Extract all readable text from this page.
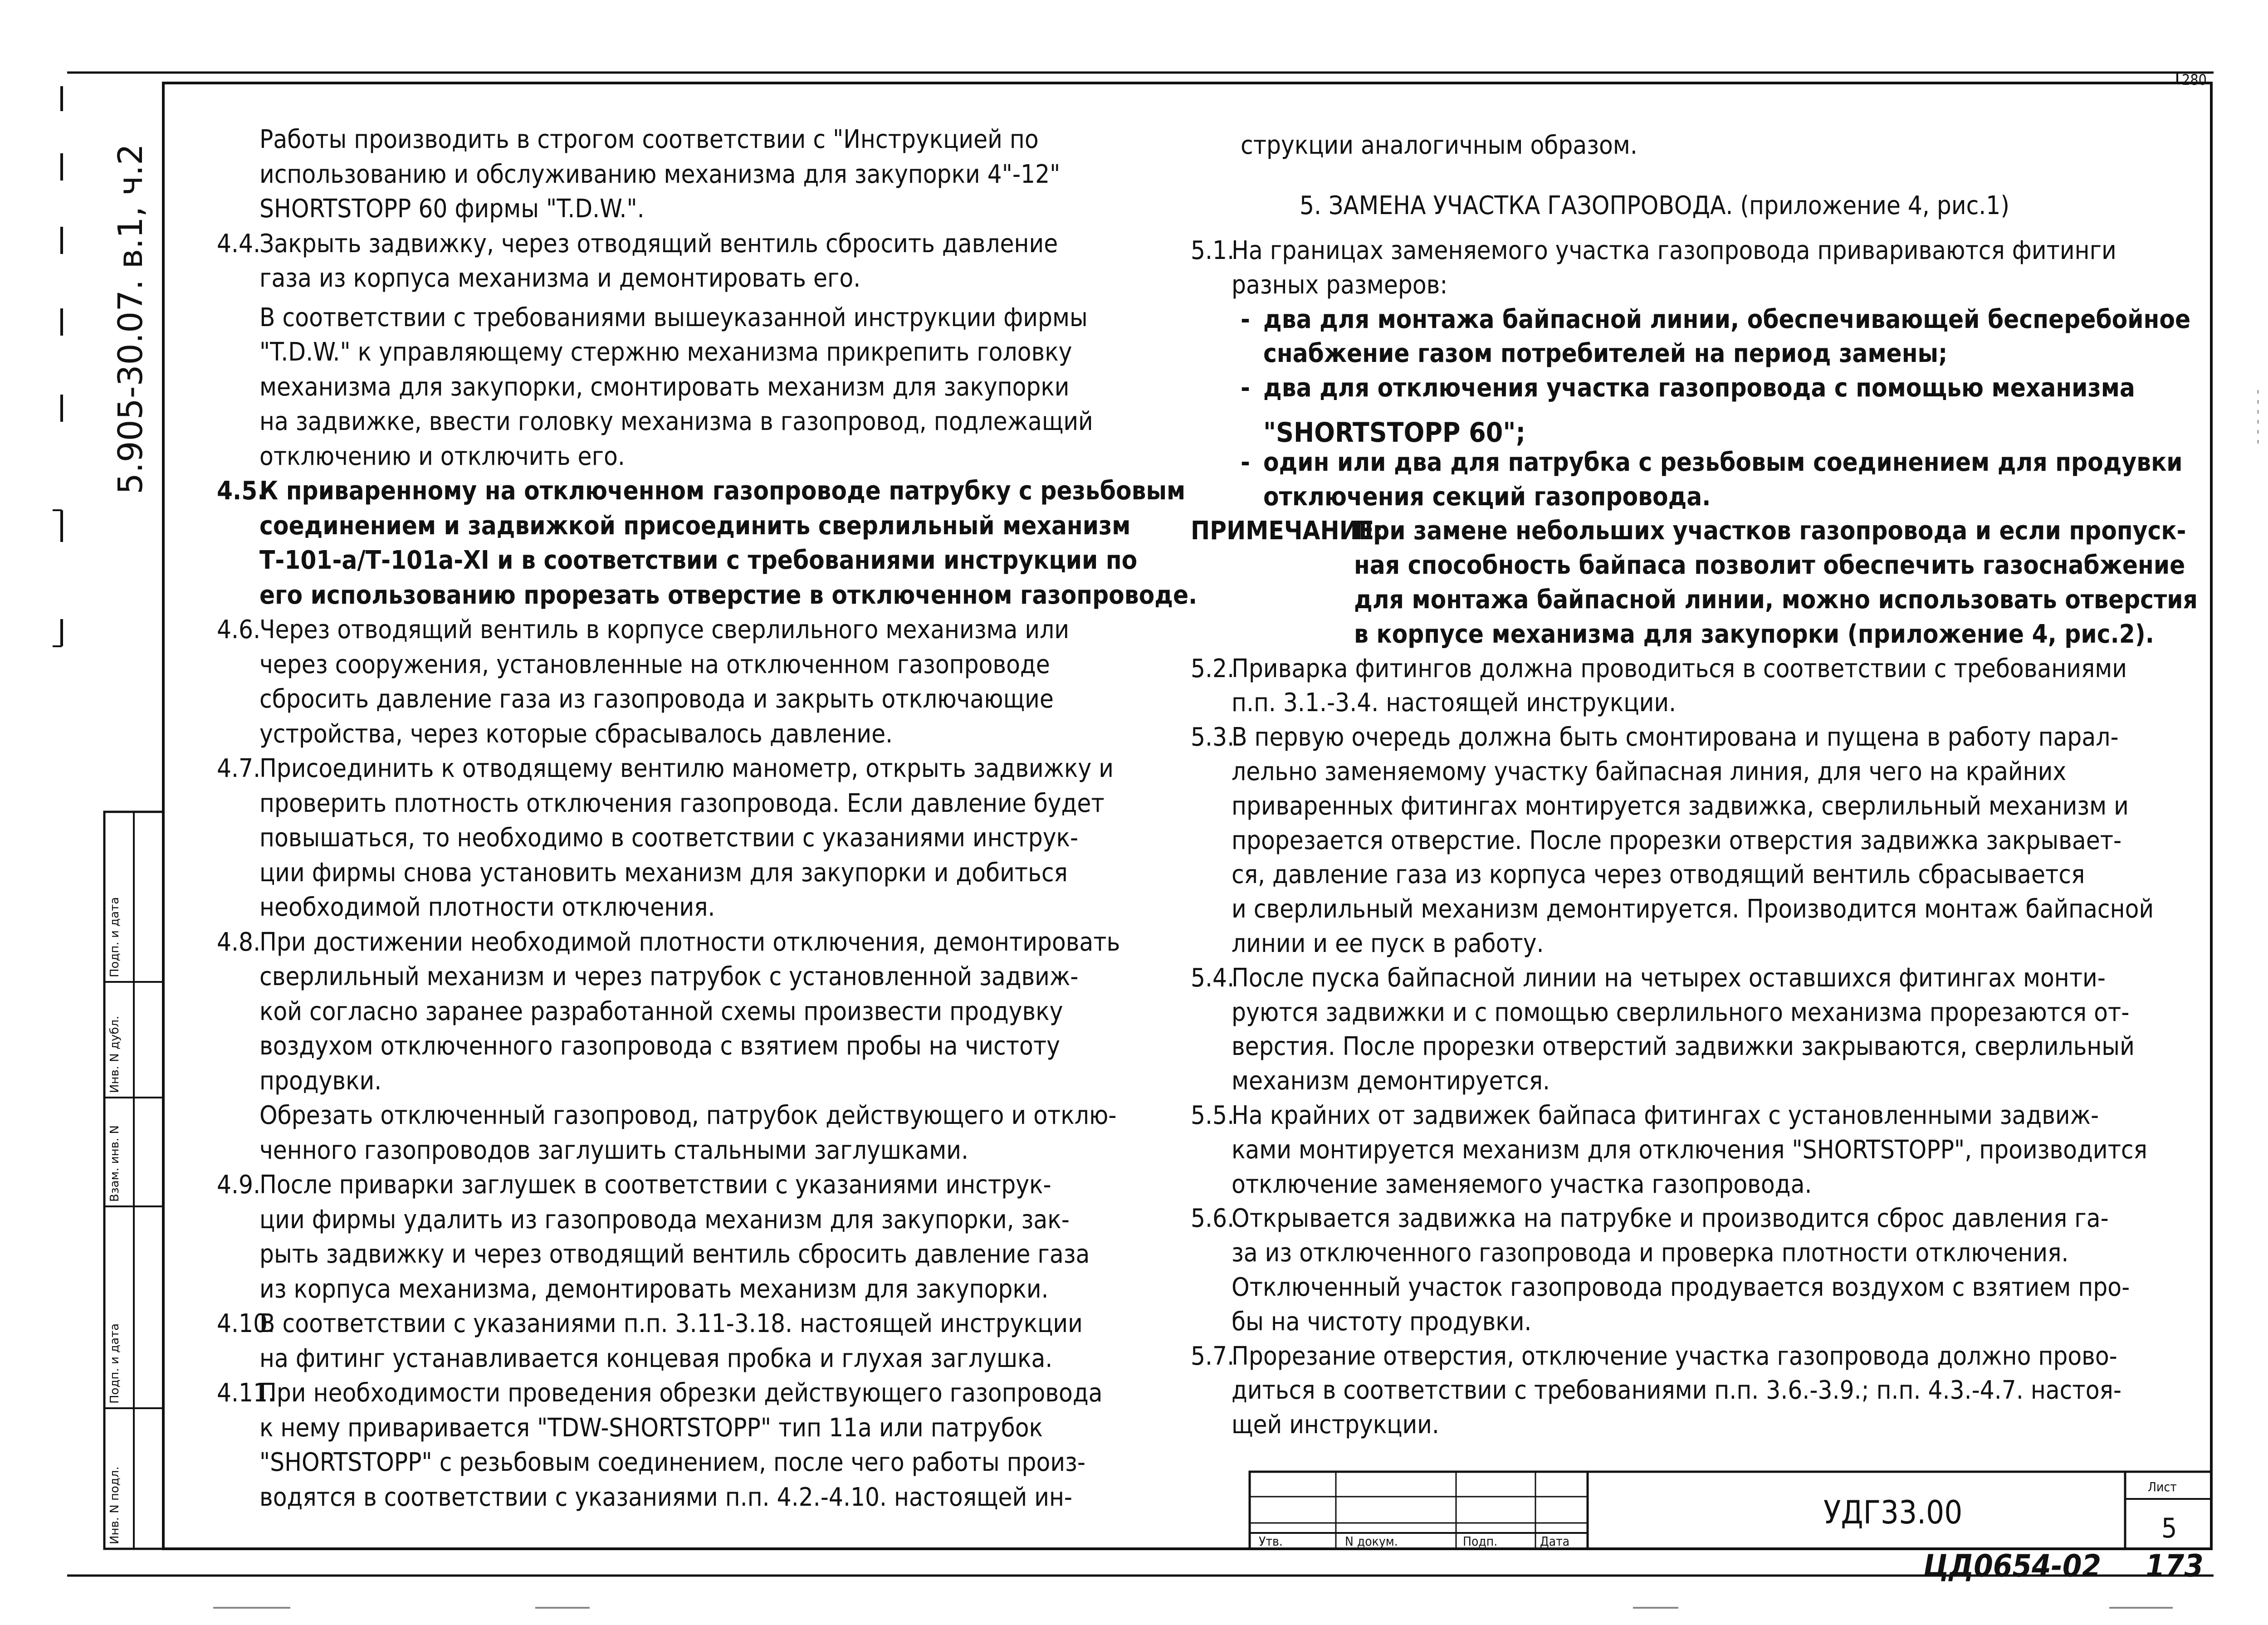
280
5.905-30.07. в.1, ч.2
Инв. N подл.
Подп. и дата
Взам. инв. N
Инв. N дубл.
Подп. и дата
Работы производить в строгом соответствии с "Инструкцией по
использованию и обслуживанию механизма для закупорки 4"-12"
SHORTSTOPP 60 фирмы "T.D.W.".
4.4.
Закрыть задвижку, через отводящий вентиль сбросить давление
газа из корпуса механизма и демонтировать его.
В соответствии с требованиями вышеуказанной инструкции фирмы
"T.D.W." к управляющему стержню механизма прикрепить головку
механизма для закупорки, смонтировать механизм для закупорки
на задвижке, ввести головку механизма в газопровод, подлежащий
отключению и отключить его.
4.5.
К приваренному на отключенном газопроводе патрубку с резьбовым
соединением и задвижкой присоединить сверлильный механизм
Т-101-а/Т-101а-XI и в соответствии с требованиями инструкции по
его использованию прорезать отверстие в отключенном газопроводе.
4.6.
Через отводящий вентиль в корпусе сверлильного механизма или
через сооружения, установленные на отключенном газопроводе
сбросить давление газа из газопровода и закрыть отключающие
устройства, через которые сбрасывалось давление.
4.7.
Присоединить к отводящему вентилю манометр, открыть задвижку и
проверить плотность отключения газопровода. Если давление будет
повышаться, то необходимо в соответствии с указаниями инструк-
ции фирмы снова установить механизм для закупорки и добиться
необходимой плотности отключения.
4.8.
При достижении необходимой плотности отключения, демонтировать
сверлильный механизм и через патрубок с установленной задвиж-
кой согласно заранее разработанной схемы произвести продувку
воздухом отключенного газопровода с взятием пробы на чистоту
продувки.
Обрезать отключенный газопровод, патрубок действующего и отклю-
ченного газопроводов заглушить стальными заглушками.
4.9.
После приварки заглушек в соответствии с указаниями инструк-
ции фирмы удалить из газопровода механизм для закупорки, зак-
рыть задвижку и через отводящий вентиль сбросить давление газа
из корпуса механизма, демонтировать механизм для закупорки.
4.10.
В соответствии с указаниями п.п. 3.11-3.18. настоящей инструкции
на фитинг устанавливается концевая пробка и глухая заглушка.
4.11.
При необходимости проведения обрезки действующего газопровода
к нему приваривается "TDW-SHORTSTOPP" тип 11а или патрубок
"SHORTSTOPP" с резьбовым соединением, после чего работы произ-
водятся в соответствии с указаниями п.п. 4.2.-4.10. настоящей ин-
5.1.
На границах заменяемого участка газопровода привариваются фитинги
разных размеров:
- два для монтажа байпасной линии, обеспечивающей бесперебойное
снабжение газом потребителей на период замены;
- два для отключения участка газопровода с помощью механизма
"SHORTSTOPP 60";
- один или два для патрубка с резьбовым соединением для продувки
отключения секций газопровода.
ПРИМЕЧАНИЕ:
При замене небольших участков газопровода и если пропуск-
ная способность байпаса позволит обеспечить газоснабжение
для монтажа байпасной линии, можно использовать отверстия
в корпусе механизма для закупорки (приложение 4, рис.2).
5.2.
Приварка фитингов должна проводиться в соответствии с требованиями
п.п. 3.1.-3.4. настоящей инструкции.
5.3.
В первую очередь должна быть смонтирована и пущена в работу парал-
лельно заменяемому участку байпасная линия, для чего на крайних
приваренных фитингах монтируется задвижка, сверлильный механизм и
прорезается отверстие. После прорезки отверстия задвижка закрывает-
ся, давление газа из корпуса через отводящий вентиль сбрасывается
и сверлильный механизм демонтируется. Производится монтаж байпасной
линии и ее пуск в работу.
5.4.
После пуска байпасной линии на четырех оставшихся фитингах монти-
руются задвижки и с помощью сверлильного механизма прорезаются от-
верстия. После прорезки отверстий задвижки закрываются, сверлильный
механизм демонтируется.
5.5.
На крайних от задвижек байпаса фитингах с установленными задвиж-
ками монтируется механизм для отключения "SHORTSTOPP", производится
отключение заменяемого участка газопровода.
5.6.
Открывается задвижка на патрубке и производится сброс давления га-
за из отключенного газопровода и проверка плотности отключения.
Отключенный участок газопровода продувается воздухом с взятием про-
бы на чистоту продувки.
5.7.
Прорезание отверстия, отключение участка газопровода должно прово-
диться в соответствии с требованиями п.п. 3.6.-3.9.; п.п. 4.3.-4.7. настоя-
щей инструкции.
струкции аналогичным образом.
5. ЗАМЕНА УЧАСТКА ГАЗОПРОВОДА. (приложение 4, рис.1)
Утв.	N докум.	Подп.	Дата
УДГ33.00
Лист
5
ЦД0654-02 173
